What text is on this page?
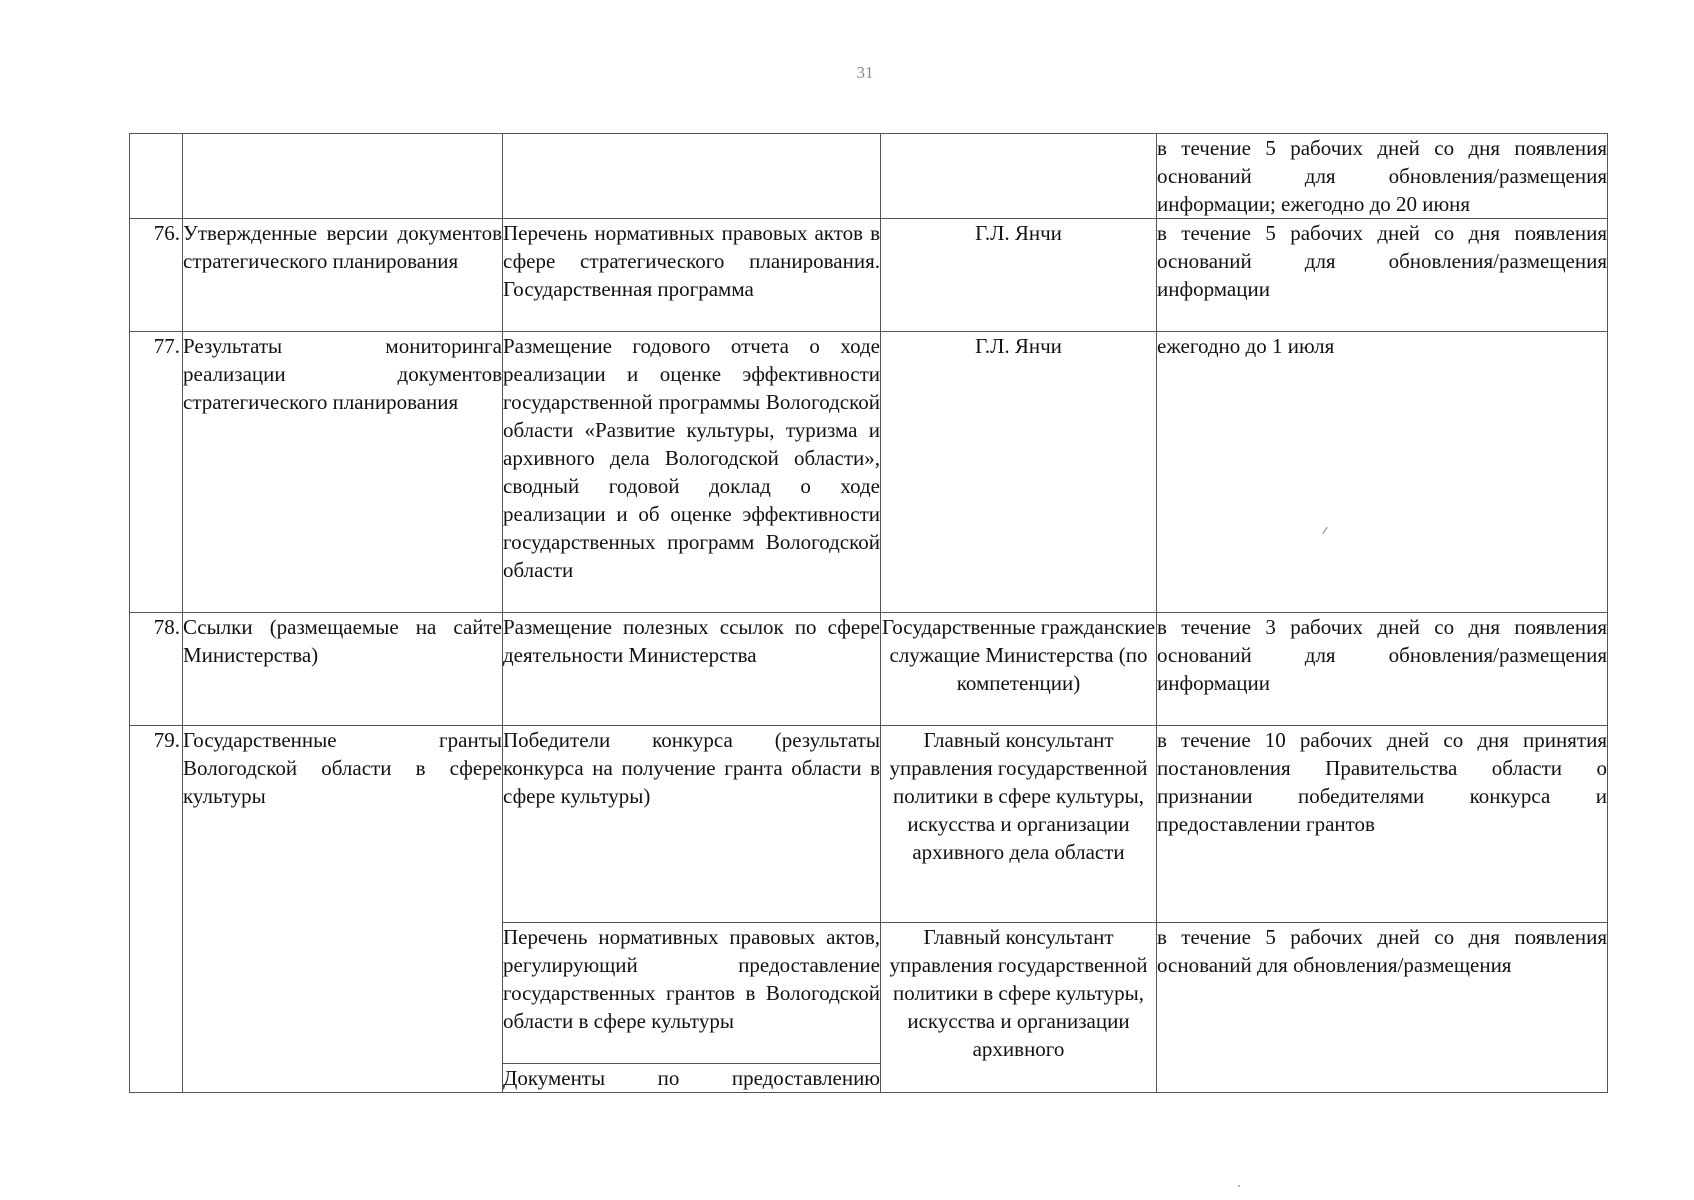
31
				в течение 5 рабочих дней со дня появления оснований для обновления/размещения информации; ежегодно до 20 июня
76.	Утвержденные версии документов стратегического планирования	Перечень нормативных правовых актов в сфере стратегического планирования. Государственная программа	Г.Л. Янчи	в течение 5 рабочих дней со дня появления оснований для обновления/размещения информации
77.	Результаты мониторинга реализации документов стратегического планирования	Размещение годового отчета о ходе реализации и оценке эффективности государственной программы Вологодской области «Развитие культуры, туризма и архивного дела Вологодской области», сводный годовой доклад о ходе реализации и об оценке эффективности государственных программ Вологодской области	Г.Л. Янчи	ежегодно до 1 июля
78.	Ссылки (размещаемые на сайте Министерства)	Размещение полезных ссылок по сфере деятельности Министерства	Государственные гражданские служащие Министерства (по компетенции)	в течение 3 рабочих дней со дня появления оснований для обновления/размещения информации
79.	Государственные гранты Вологодской области в сфере культуры	Победители конкурса (результаты конкурса на получение гранта области в сфере культуры)	Главный консультант управления государственной политики в сфере культуры, искусства и организации архивного дела области	в течение 10 рабочих дней со дня принятия постановления Правительства области о признании победителями конкурса и предоставлении грантов
		Перечень нормативных правовых актов, регулирующий предоставление государственных грантов в Вологодской области в сфере культуры	Главный консультант управления государственной политики в сфере культуры, искусства и организации архивного	в течение 5 рабочих дней со дня появления оснований для обновления/размещения
		Документы по предоставлению		
